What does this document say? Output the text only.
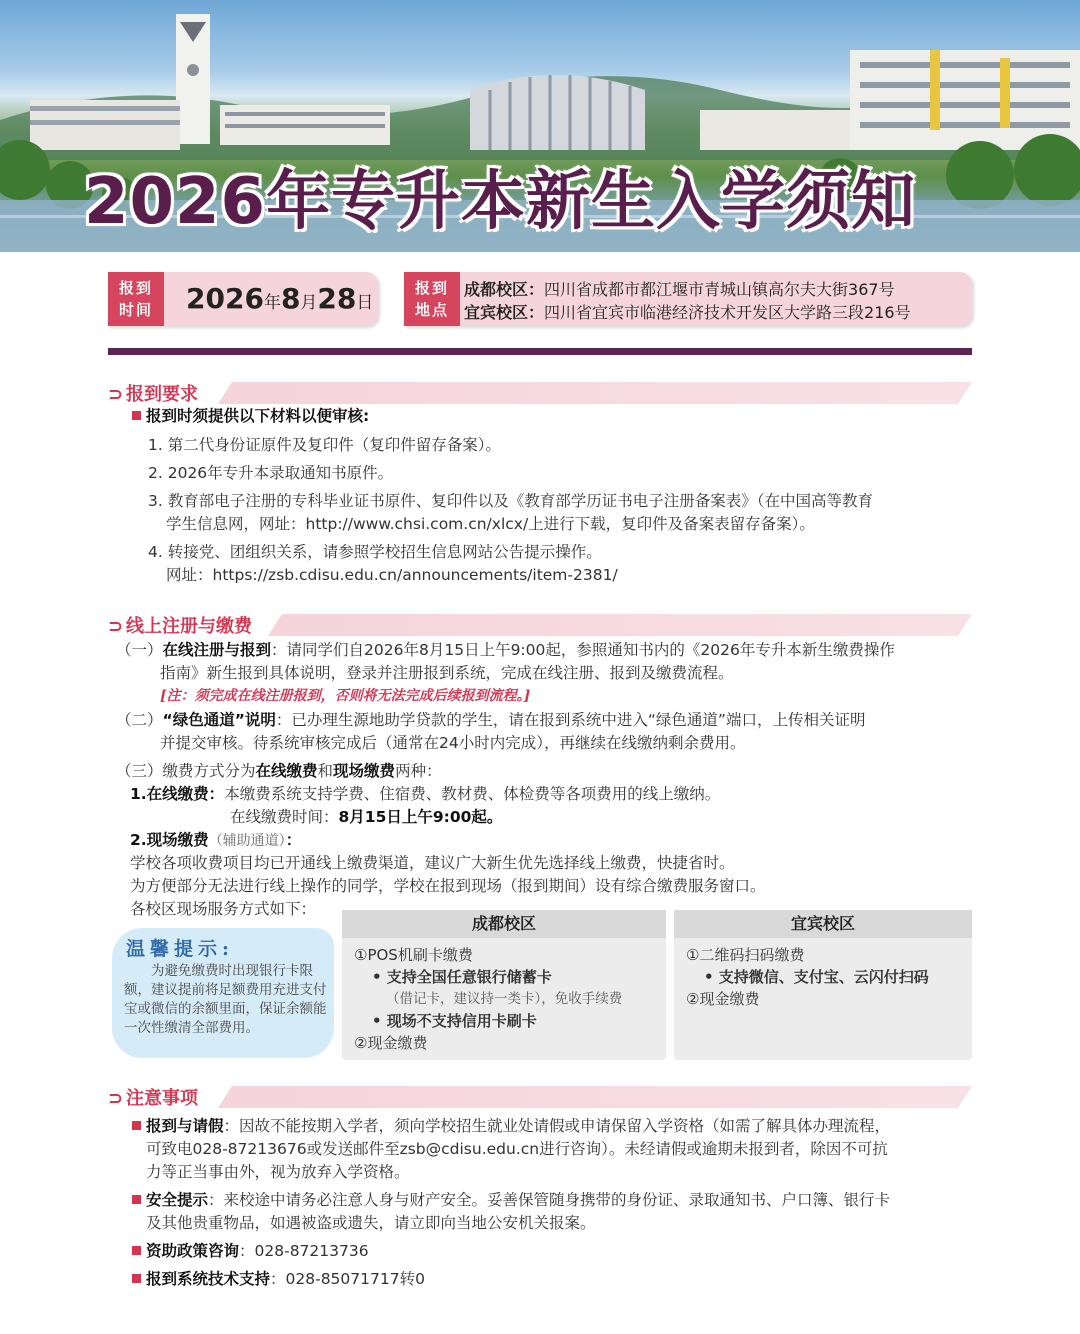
2026年专升本新生入学须知
报到
时间	2026年8月28日
报到
地点
成都校区：四川省成都市都江堰市青城山镇高尔夫大街367号
宜宾校区：四川省宜宾市临港经济技术开发区大学路三段216号
⊃ 报到要求
报到时须提供以下材料以便审核:
1. 第二代身份证原件及复印件（复印件留存备案）。
2. 2026年专升本录取通知书原件。
3. 教育部电子注册的专科毕业证书原件、复印件以及《教育部学历证书电子注册备案表》（在中国高等教育
学生信息网，网址：http://www.chsi.com.cn/xlcx/上进行下载，复印件及备案表留存备案）。
4. 转接党、团组织关系，请参照学校招生信息网站公告提示操作。
网址：https://zsb.cdisu.edu.cn/announcements/item-2381/
⊃ 线上注册与缴费
（一）在线注册与报到：请同学们自2026年8月15日上午9:00起，参照通知书内的《2026年专升本新生缴费操作
指南》新生报到具体说明，登录并注册报到系统，完成在线注册、报到及缴费流程。
[注：须完成在线注册报到，否则将无法完成后续报到流程。]
（二）“绿色通道”说明：已办理生源地助学贷款的学生，请在报到系统中进入“绿色通道”端口，上传相关证明
并提交审核。待系统审核完成后（通常在24小时内完成），再继续在线缴纳剩余费用。
（三）缴费方式分为在线缴费和现场缴费两种：
1.在线缴费：本缴费系统支持学费、住宿费、教材费、体检费等各项费用的线上缴纳。
在线缴费时间：8月15日上午9:00起。
2.现场缴费（辅助通道）：
学校各项收费项目均已开通线上缴费渠道，建议广大新生优先选择线上缴费，快捷省时。
为方便部分无法进行线上操作的同学，学校在报到现场（报到期间）设有综合缴费服务窗口。
各校区现场服务方式如下：
温馨提示:
为避免缴费时出现银行卡限额，建议提前将足额费用充进支付宝或微信的余额里面，保证余额能一次性缴清全部费用。
成都校区
①POS机刷卡缴费
• 支持全国任意银行储蓄卡
（借记卡，建议持一类卡），免收手续费
• 现场不支持信用卡刷卡
②现金缴费
宜宾校区
①二维码扫码缴费
• 支持微信、支付宝、云闪付扫码
②现金缴费
⊃ 注意事项
报到与请假：因故不能按期入学者，须向学校招生就业处请假或申请保留入学资格（如需了解具体办理流程，
可致电028-87213676或发送邮件至zsb@cdisu.edu.cn进行咨询）。未经请假或逾期未报到者，除因不可抗
力等正当事由外，视为放弃入学资格。
安全提示：来校途中请务必注意人身与财产安全。妥善保管随身携带的身份证、录取通知书、户口簿、银行卡
及其他贵重物品，如遇被盗或遗失，请立即向当地公安机关报案。
资助政策咨询：028-87213736
报到系统技术支持：028-85071717转0
